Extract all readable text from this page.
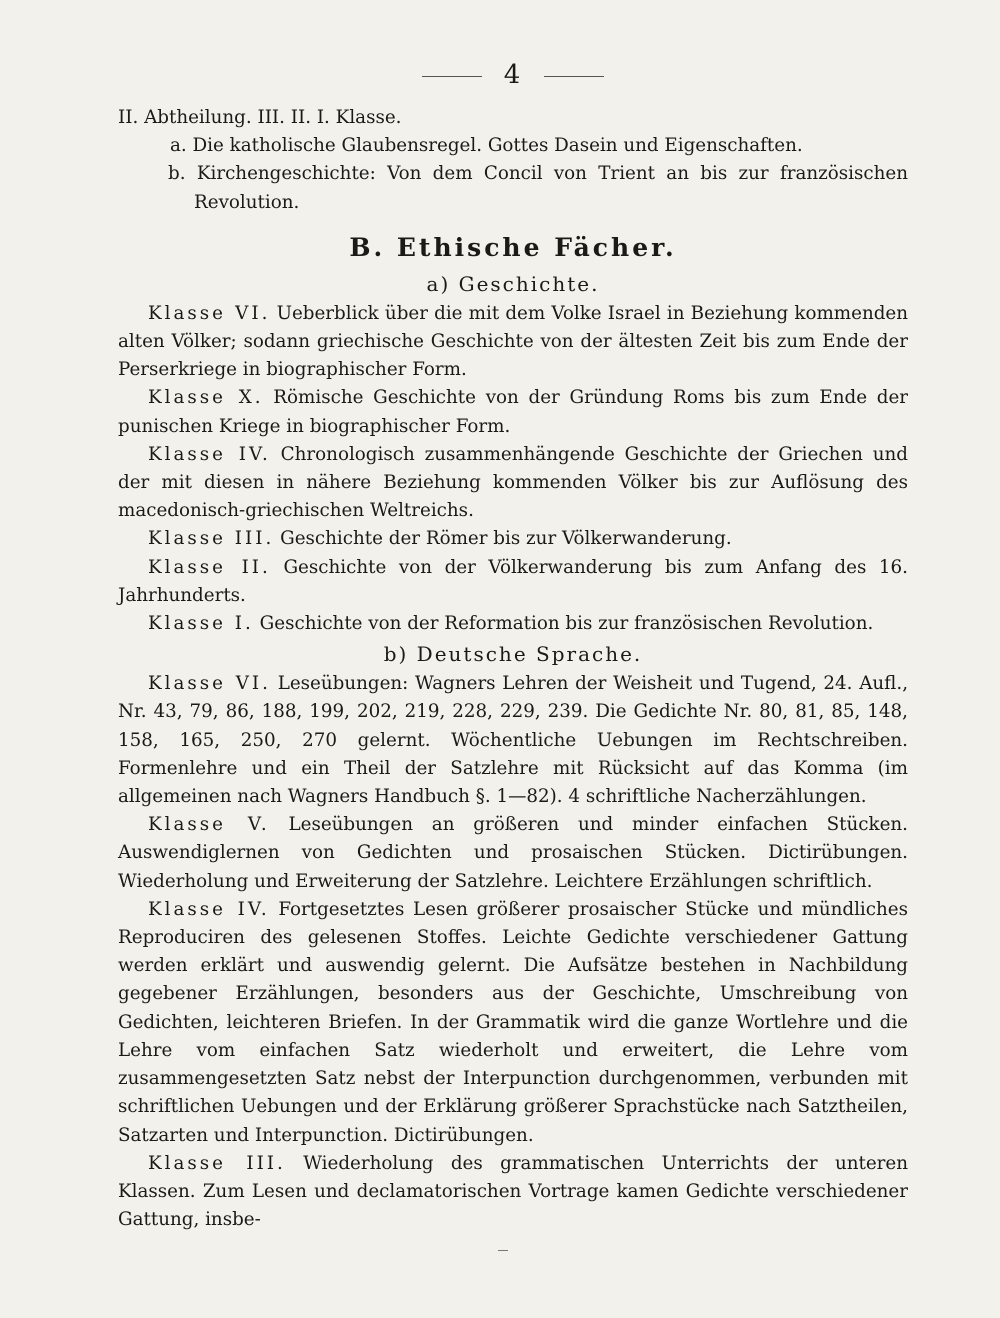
4

II. Abtheilung. III. II. I. Klasse.

a. Die katholische Glaubensregel. Gottes Dasein und Eigenschaften.

b. Kirchengeschichte: Von dem Concil von Trient an bis zur französischen Revolution.

B. Ethische Fächer.
a) Geschichte.

Klasse VI. Ueberblick über die mit dem Volke Israel in Beziehung kommenden alten Völker; sodann griechische Geschichte von der ältesten Zeit bis zum Ende der Perserkriege in biographischer Form.

Klasse X. Römische Geschichte von der Gründung Roms bis zum Ende der punischen Kriege in biographischer Form.

Klasse IV. Chronologisch zusammenhängende Geschichte der Griechen und der mit diesen in nähere Beziehung kommenden Völker bis zur Auflösung des macedonisch-griechischen Weltreichs.

Klasse III. Geschichte der Römer bis zur Völkerwanderung.

Klasse II. Geschichte von der Völkerwanderung bis zum Anfang des 16. Jahrhunderts.

Klasse I. Geschichte von der Reformation bis zur französischen Revolution.

b) Deutsche Sprache.

Klasse VI. Leseübungen: Wagners Lehren der Weisheit und Tugend, 24. Aufl., Nr. 43, 79, 86, 188, 199, 202, 219, 228, 229, 239. Die Gedichte Nr. 80, 81, 85, 148, 158, 165, 250, 270 gelernt. Wöchentliche Uebungen im Rechtschreiben. Formenlehre und ein Theil der Satzlehre mit Rücksicht auf das Komma (im allgemeinen nach Wagners Handbuch §. 1—82). 4 schriftliche Nacherzählungen.

Klasse V. Leseübungen an größeren und minder einfachen Stücken. Auswendiglernen von Gedichten und prosaischen Stücken. Dictirübungen. Wiederholung und Erweiterung der Satzlehre. Leichtere Erzählungen schriftlich.

Klasse IV. Fortgesetztes Lesen größerer prosaischer Stücke und mündliches Reproduciren des gelesenen Stoffes. Leichte Gedichte verschiedener Gattung werden erklärt und auswendig gelernt. Die Aufsätze bestehen in Nachbildung gegebener Erzählungen, besonders aus der Geschichte, Umschreibung von Gedichten, leichteren Briefen. In der Grammatik wird die ganze Wortlehre und die Lehre vom einfachen Satz wiederholt und erweitert, die Lehre vom zusammengesetzten Satz nebst der Interpunction durchgenommen, verbunden mit schriftlichen Uebungen und der Erklärung größerer Sprachstücke nach Satztheilen, Satzarten und Interpunction. Dictirübungen.

Klasse III. Wiederholung des grammatischen Unterrichts der unteren Klassen. Zum Lesen und declamatorischen Vortrage kamen Gedichte verschiedener Gattung, insbe-
